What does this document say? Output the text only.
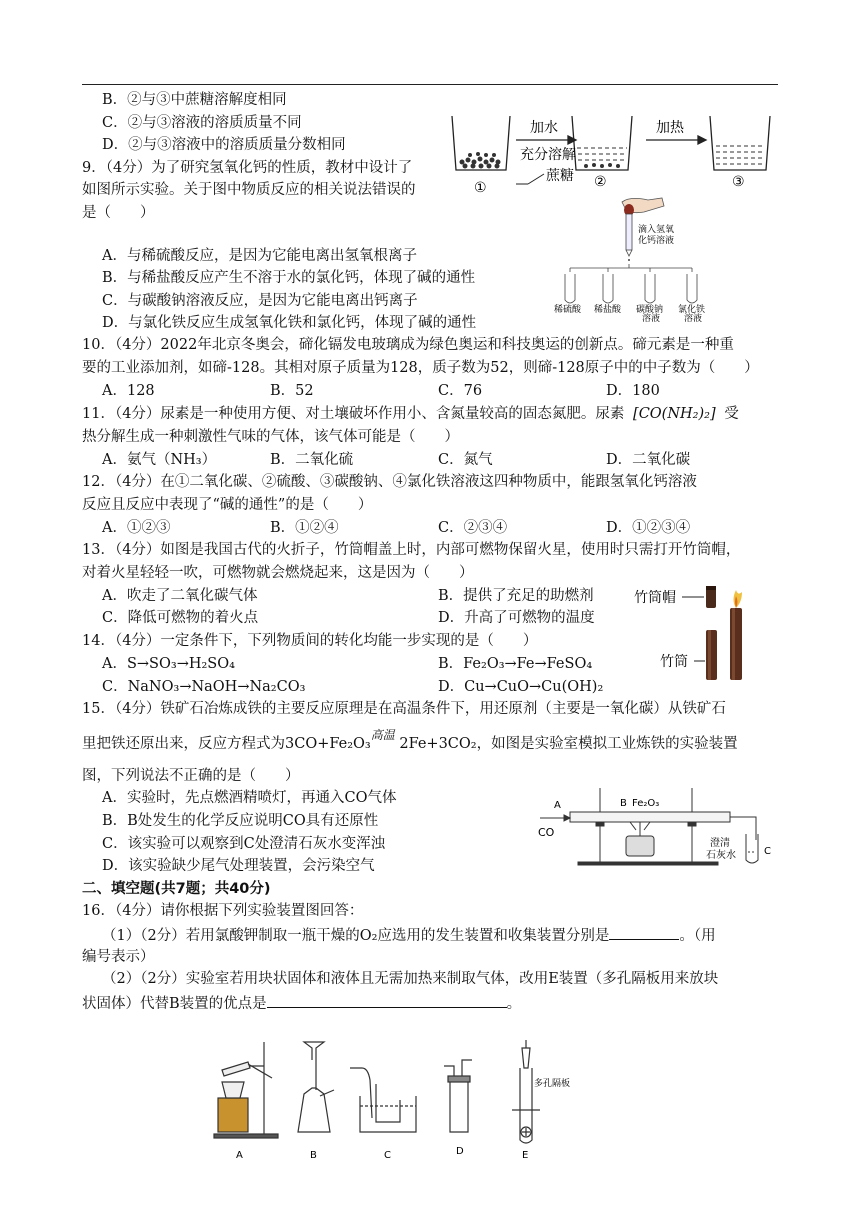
B．②与③中蔗糖溶解度相同
C．②与③溶液的溶质质量不同
D．②与③溶液中的溶质质量分数相同
加水
充分溶解
蔗糖
加热
①	②	③
9．（4分）为了研究氢氧化钙的性质，教材中设计了
如图所示实验。关于图中物质反应的相关说法错误的
是（　　）
A．与稀硫酸反应，是因为它能电离出氢氧根离子
B．与稀盐酸反应产生不溶于水的氯化钙，体现了碱的通性
C．与碳酸钠溶液反应，是因为它能电离出钙离子
D．与氯化铁反应生成氢氧化铁和氯化钙，体现了碱的通性
滴入氢氧
化钙溶液
稀硫酸 稀盐酸 碳酸钠
溶液
氯化铁
溶液
10．（4分）2022年北京冬奥会，碲化镉发电玻璃成为绿色奥运和科技奥运的创新点。碲元素是一种重
要的工业添加剂，如碲-128。其相对原子质量为128，质子数为52，则碲-128原子中的中子数为（　　）
A．128	B．52	C．76	D．180
11．（4分）尿素是一种使用方便、对土壤破坏作用小、含氮量较高的固态氮肥。尿素 [CO(NH₂)₂] 受
热分解生成一种刺激性气味的气体，该气体可能是（　　）
A．氨气（NH₃）	B．二氧化硫	C．氮气	D．二氧化碳
12．（4分）在①二氧化碳、②硫酸、③碳酸钠、④氯化铁溶液这四种物质中，能跟氢氧化钙溶液
反应且反应中表现了“碱的通性”的是（　　）
A．①②③	B．①②④	C．②③④	D．①②③④
13．（4分）如图是我国古代的火折子，竹筒帽盖上时，内部可燃物保留火星，使用时只需打开竹筒帽，
对着火星轻轻一吹，可燃物就会燃烧起来，这是因为（　　）
A．吹走了二氧化碳气体	B．提供了充足的助燃剂
C．降低可燃物的着火点	D．升高了可燃物的温度
竹筒帽
竹筒
14．（4分）一定条件下，下列物质间的转化均能一步实现的是（　　）
A．S→SO₃→H₂SO₄	B．Fe₂O₃→Fe→FeSO₄
C．NaNO₃→NaOH→Na₂CO₃	D．Cu→CuO→Cu(OH)₂
15．（4分）铁矿石冶炼成铁的主要反应原理是在高温条件下，用还原剂（主要是一氧化碳）从铁矿石
里把铁还原出来，反应方程式为3CO+Fe₂O₃$^{高温}$ 2Fe+3CO₂，如图是实验室模拟工业炼铁的实验装置
图，下列说法不正确的是（　　）
A．实验时，先点燃酒精喷灯，再通入CO气体
B．B处发生的化学反应说明CO具有还原性
C．该实验可以观察到C处澄清石灰水变浑浊
D．该实验缺少尾气处理装置，会污染空气
A	B Fe₂O₃
CO
澄清
石灰水	C
二、填空题(共7题；共40分)
16．（4分）请你根据下列实验装置图回答：
（1）（2分）若用氯酸钾制取一瓶干燥的O₂应选用的发生装置和收集装置分别是	。（用
编号表示）
（2）（2分）实验室若用块状固体和液体且无需加热来制取气体，改用E装置（多孔隔板用来放块
状固体）代替B装置的优点是	。
多孔隔板
A	B	C	D	E
